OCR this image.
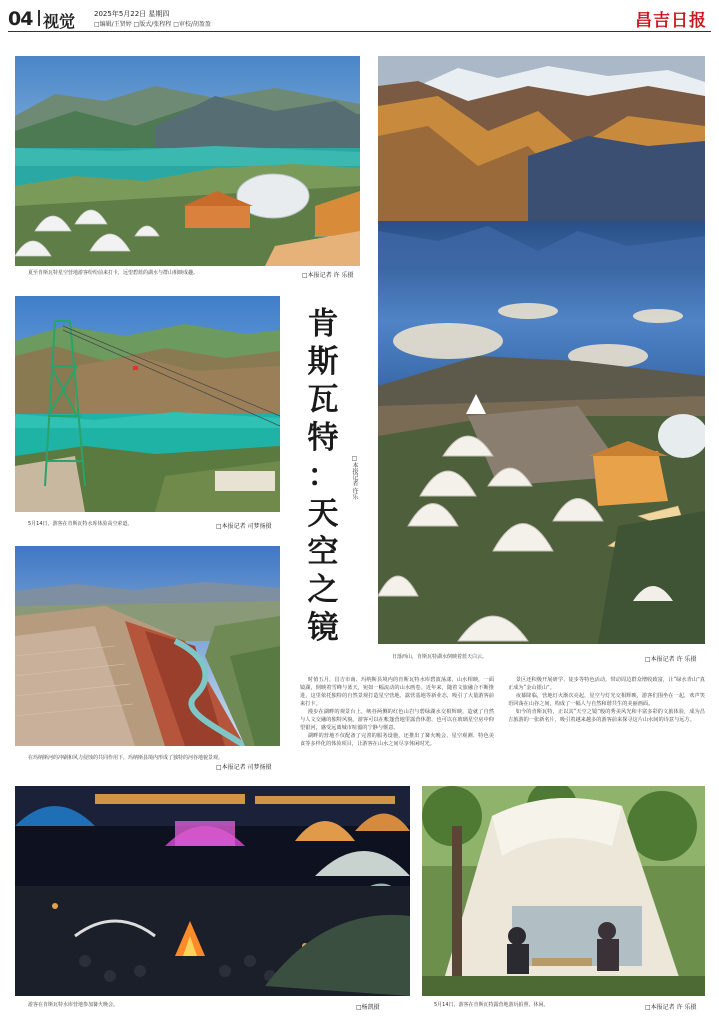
04 视觉	2025年5月22日 星期四
□编辑/王贤婷 □版式/张程程 □审校/胡盈盈	昌吉日报
夏至肯斯瓦特星空营地游客纷纷前来打卡，远望碧蓝的湖水与群山相映成趣。	□本报记者 许 乐摄
5月14日，游客在肯斯瓦特水库体验高空索道。	□本报记者 司梦扬摄
肯
斯
瓦
特
：
天
空
之
镜
□本报记者 许乐
在玛纳斯河的冲刷和风力侵蚀的共同作用下，玛纳斯县境内形成了独特的河谷地貌景观。
□本报记者 司梦扬摄
日落西山，肯斯瓦特湖水倒映着蓝天白云。	□本报记者 许 乐摄

时值五月，昌吉市南、玛纳斯县境内的肯斯瓦特水库碧波荡漾、山水相映，一面镜湖，倒映着雪峰与蓝天，宛如一幅流动的山水画卷。近年来，随着文旅融合不断推进，这里依托独特的自然景观打造星空营地、露营基地等新业态，吸引了大量游客前来打卡。

漫步在湖畔的观景台上，峡谷两侧的红色山岩与碧绿湖水交相辉映，造就了自然与人文交融的独特风貌。游客可以在帐篷营地里露营休憩，也可以在玻璃星空房中仰望银河，感受远离城市喧嚣的宁静与惬意。

湖畔的营地不仅配备了完善的服务设施，还推出了篝火晚会、星空观测、特色美食等多样化的体验项目，让游客在山水之间尽享休闲时光。

景区还积极开展研学、徒步等特色活动，带动周边群众增收致富，让“绿水青山”真正成为“金山银山”。

夜幕降临，营地灯火渐次亮起，星空与灯光交相辉映，游客们围坐在一起，欢声笑语回荡在山谷之间，构成了一幅人与自然和谐共生的美丽画面。

如今的肯斯瓦特，正以其“天空之镜”般的秀美风光和丰富多彩的文旅体验，成为昌吉旅游的一张新名片，吸引着越来越多的游客前来探寻这片山水间的诗意与远方。

游客在肯斯瓦特水库营地参加篝火晚会。	□杨凯摄	5月14日，游客在肯斯瓦特露营地游玩拍照、休闲。	□本报记者 许 乐摄
